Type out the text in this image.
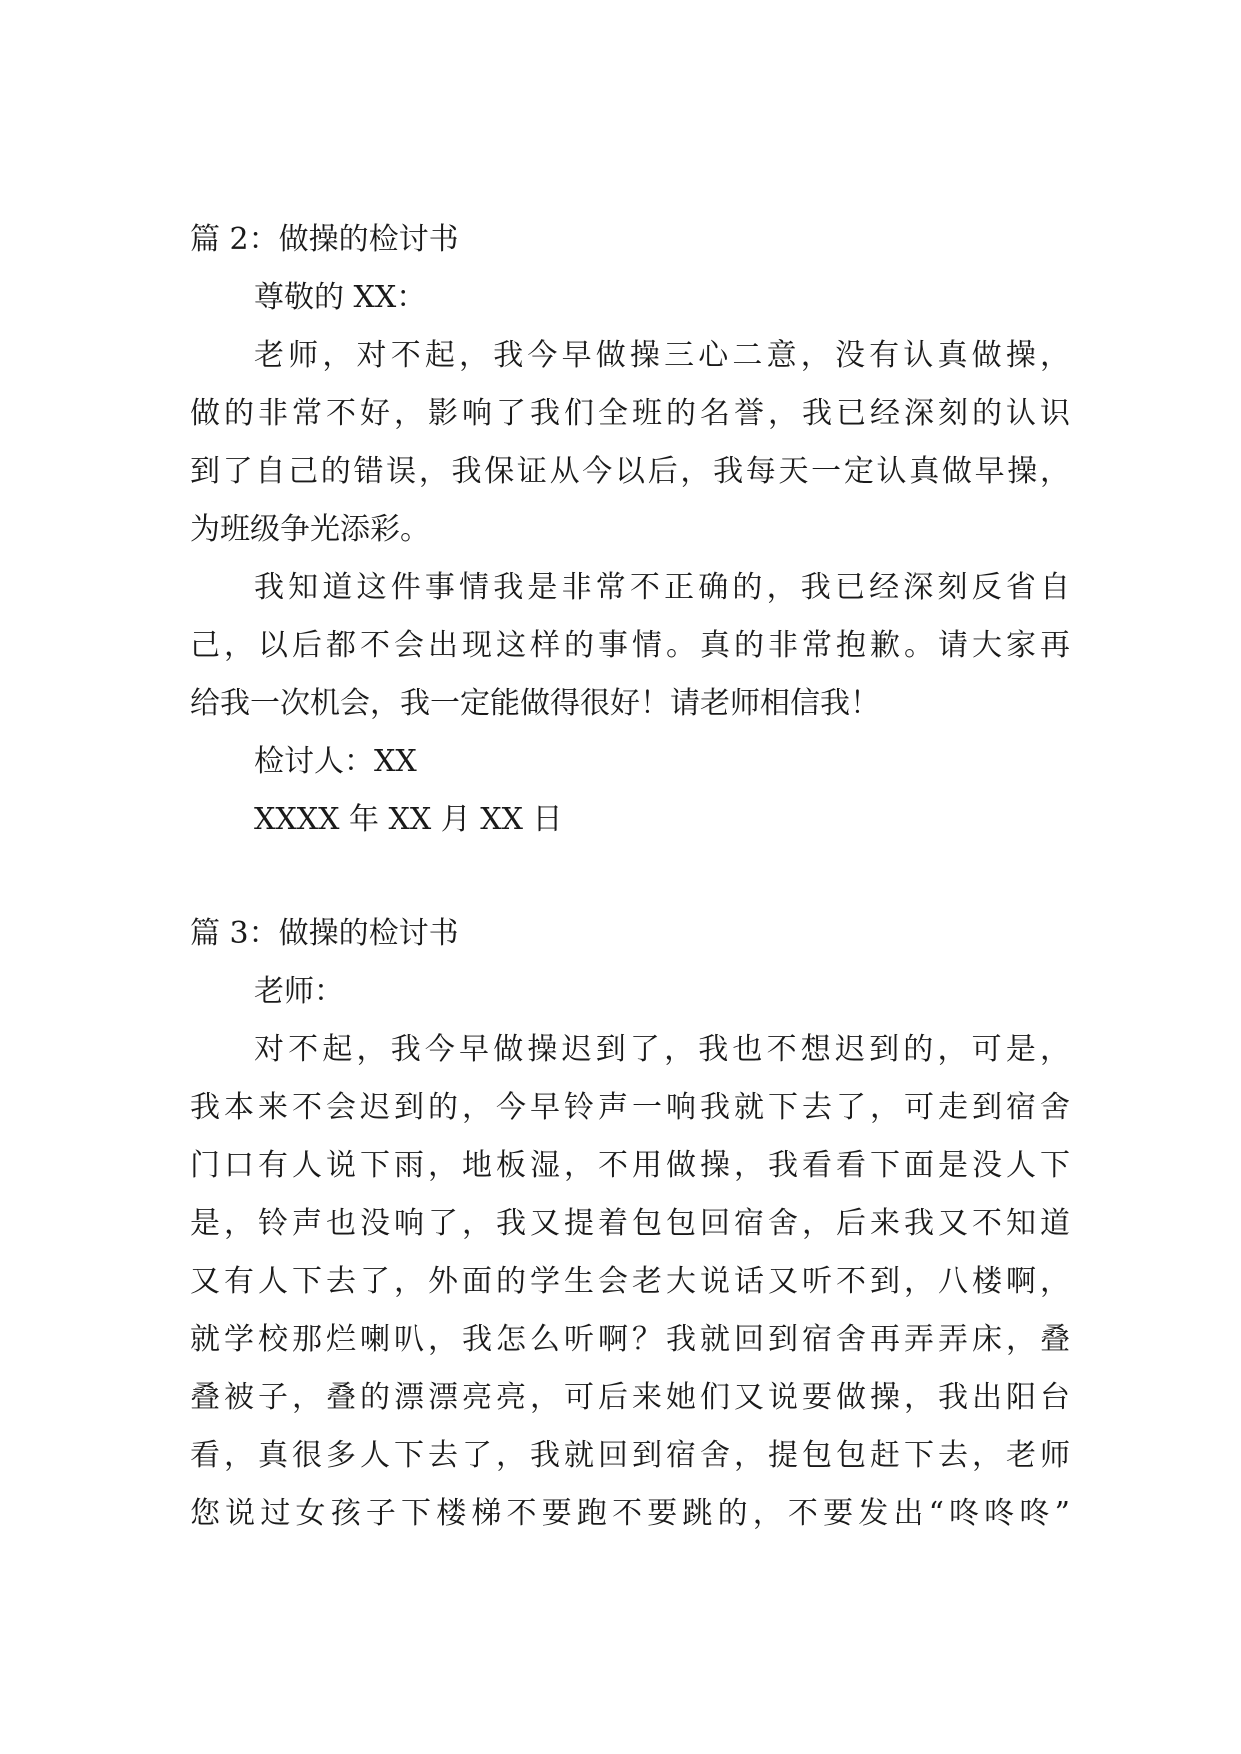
篇 2：做操的检讨书
尊敬的 XX：
老师，对不起，我今早做操三心二意，没有认真做操，
做的非常不好，影响了我们全班的名誉，我已经深刻的认识
到了自己的错误，我保证从今以后，我每天一定认真做早操，
为班级争光添彩。
我知道这件事情我是非常不正确的，我已经深刻反省自
己，以后都不会出现这样的事情。真的非常抱歉。请大家再
给我一次机会，我一定能做得很好！请老师相信我！
检讨人：XX
XXXX 年 XX 月 XX 日
篇 3：做操的检讨书
老师：
对不起，我今早做操迟到了，我也不想迟到的，可是，
我本来不会迟到的，今早铃声一响我就下去了，可走到宿舍
门口有人说下雨，地板湿，不用做操，我看看下面是没人下
是，铃声也没响了，我又提着包包回宿舍，后来我又不知道
又有人下去了，外面的学生会老大说话又听不到，八楼啊，
就学校那烂喇叭，我怎么听啊？我就回到宿舍再弄弄床，叠
叠被子，叠的漂漂亮亮，可后来她们又说要做操，我出阳台
看，真很多人下去了，我就回到宿舍，提包包赶下去，老师
您说过女孩子下楼梯不要跑不要跳的，不要发出“咚咚咚”
